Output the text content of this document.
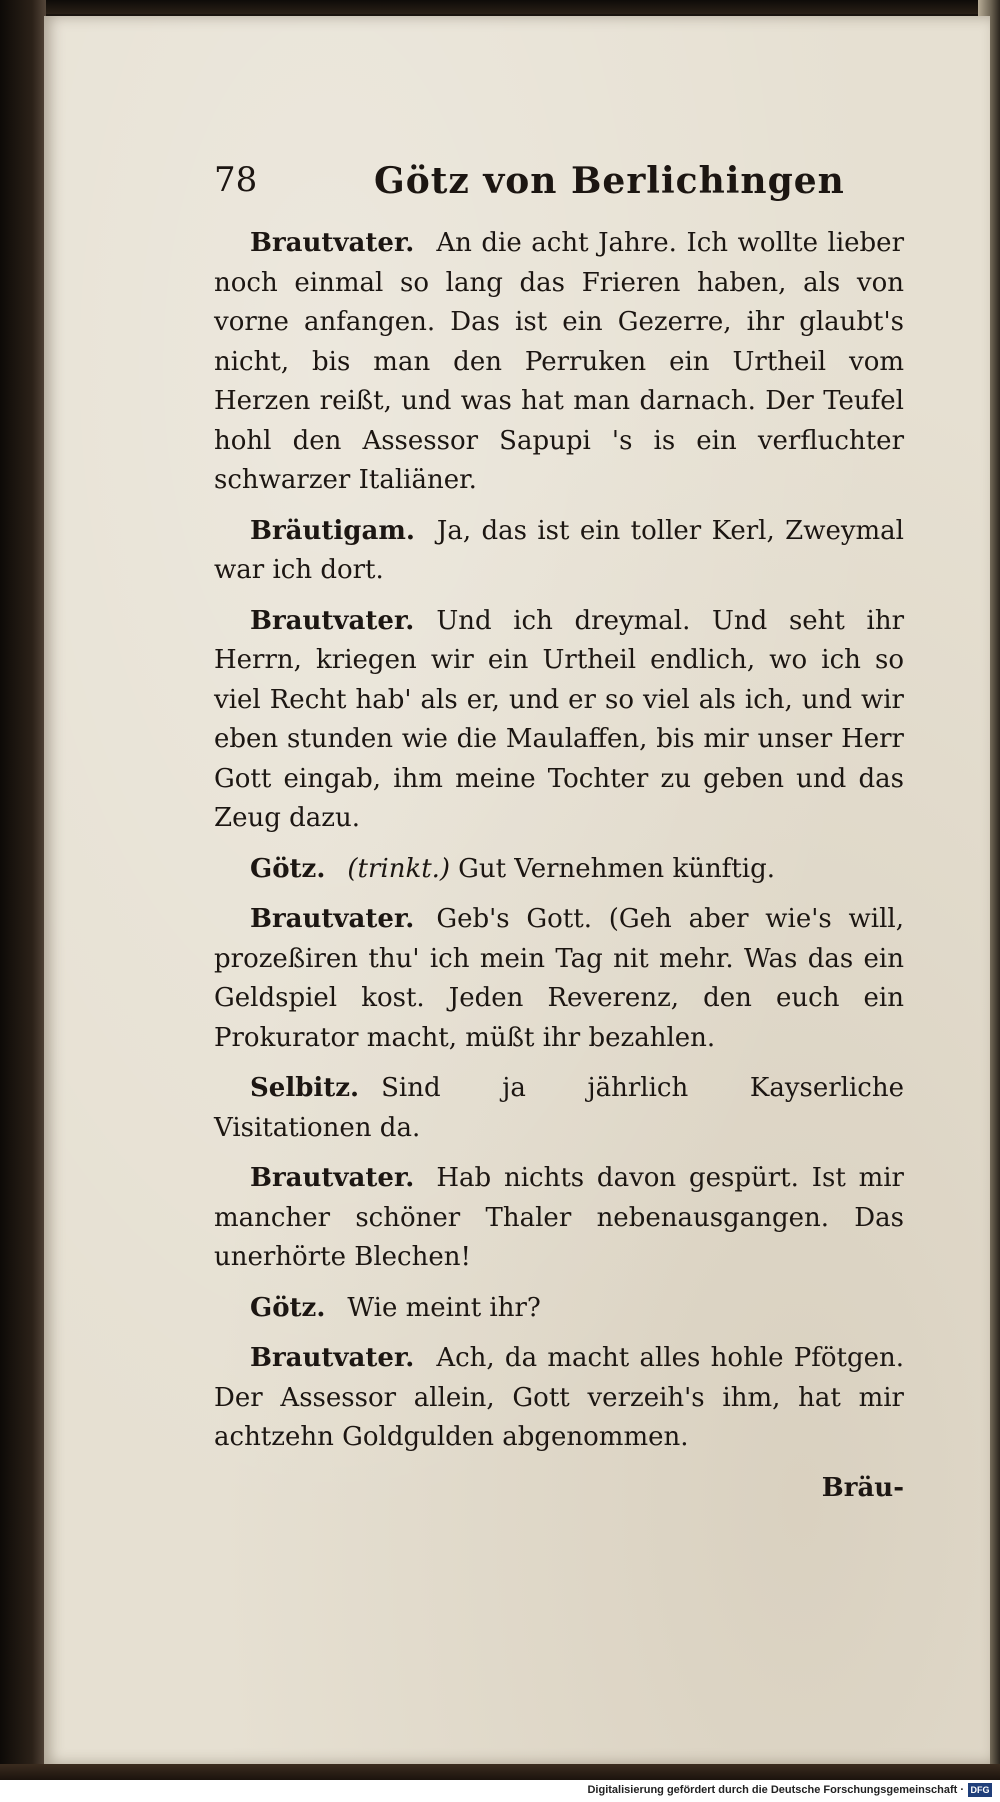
78	Götz von Berlichingen

Brautvater. An die acht Jahre. Ich wollte lieber noch einmal so lang das Frieren haben, als von vorne anfangen. Das ist ein Gezerre, ihr glaubt's nicht, bis man den Perruken ein Urtheil vom Herzen reißt, und was hat man darnach. Der Teufel hohl den Assessor Sapupi 's is ein verfluchter schwarzer Italiäner.

Bräutigam. Ja, das ist ein toller Kerl, Zweymal war ich dort.

Brautvater. Und ich dreymal. Und seht ihr Herrn, kriegen wir ein Urtheil endlich, wo ich so viel Recht hab' als er, und er so viel als ich, und wir eben stunden wie die Maulaffen, bis mir unser Herr Gott eingab, ihm meine Tochter zu geben und das Zeug dazu.

Götz. (trinkt.) Gut Vernehmen künftig.

Brautvater. Geb's Gott. (Geh aber wie's will, prozeßiren thu' ich mein Tag nit mehr. Was das ein Geldspiel kost. Jeden Reverenz, den euch ein Prokurator macht, müßt ihr bezahlen.

Selbitz. Sind ja jährlich Kayserliche Visitationen da.

Brautvater. Hab nichts davon gespürt. Ist mir mancher schöner Thaler nebenausgangen. Das unerhörte Blechen!

Götz. Wie meint ihr?

Brautvater. Ach, da macht alles hohle Pfötgen. Der Assessor allein, Gott verzeih's ihm, hat mir achtzehn Goldgulden abgenommen.

Bräu-
Digitalisierung gefördert durch die Deutsche Forschungsgemeinschaft · DFG
